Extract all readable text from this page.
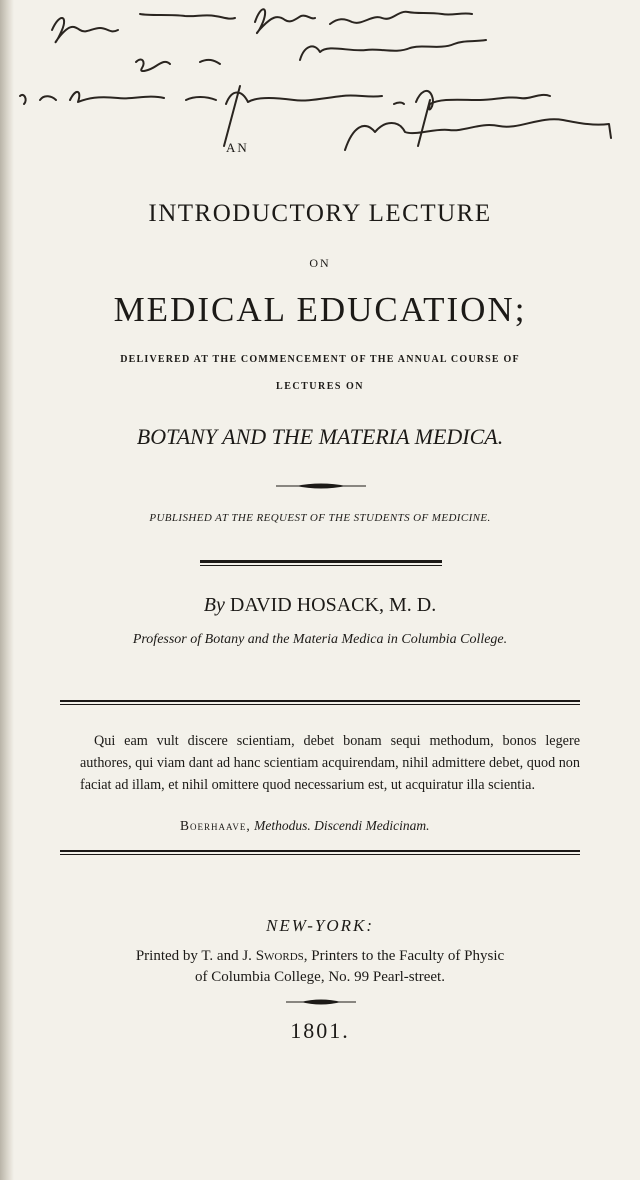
AN
INTRODUCTORY LECTURE
ON
MEDICAL EDUCATION;
DELIVERED AT THE COMMENCEMENT OF THE ANNUAL COURSE OF
LECTURES ON
BOTANY AND THE MATERIA MEDICA.
PUBLISHED AT THE REQUEST OF THE STUDENTS OF MEDICINE.
By DAVID HOSACK, M. D.
Professor of Botany and the Materia Medica in Columbia College.

Qui eam vult discere scientiam, debet bonam sequi methodum, bonos legere authores, qui viam dant ad hanc scientiam acquirendam, nihil admittere debet, quod non faciat ad illam, et nihil omittere quod necessarium est, ut acquiratur illa scientia.

Boerhaave, Methodus. Discendi Medicinam.
NEW-YORK:
Printed by T. and J. Swords, Printers to the Faculty of Physic
of Columbia College, No. 99 Pearl-street.
1801.
